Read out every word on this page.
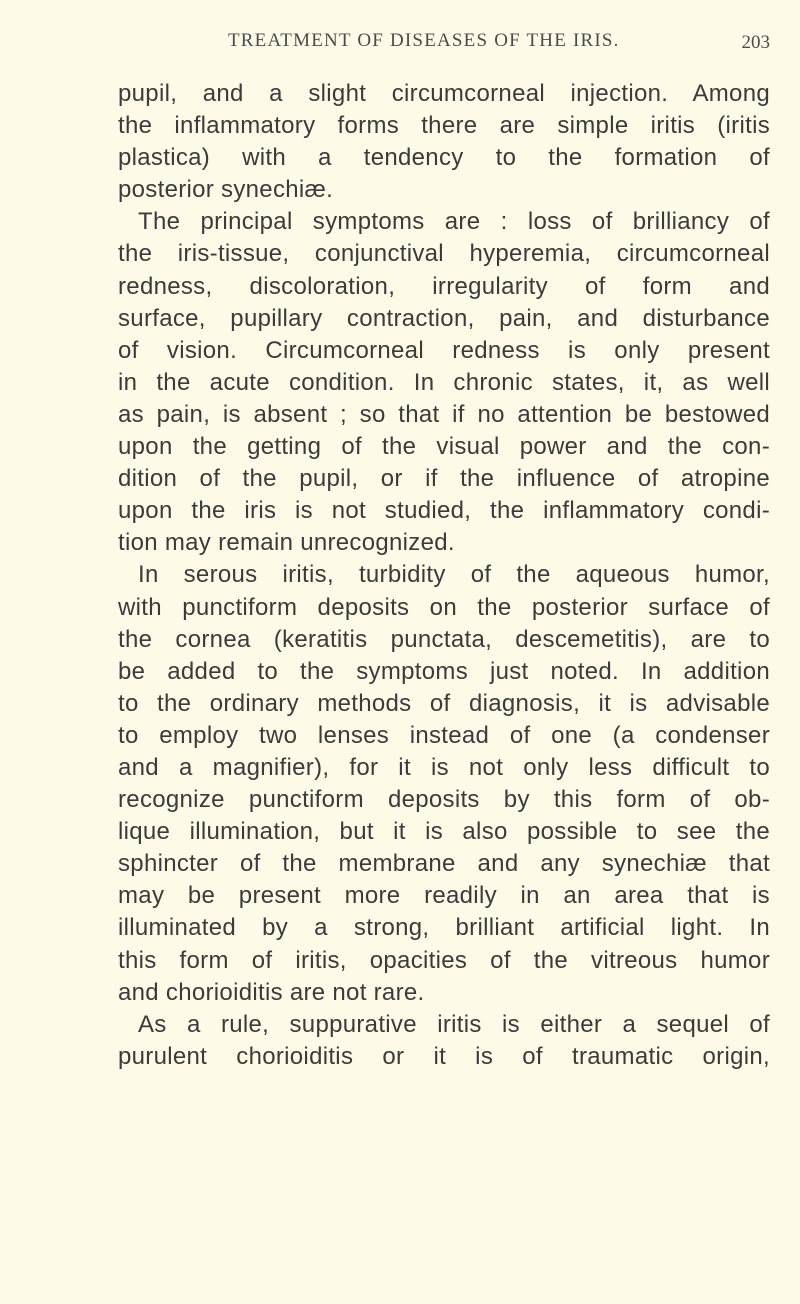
TREATMENT OF DISEASES OF THE IRIS.	203
pupil, and a slight circumcorneal injection. Among
the inflammatory forms there are simple iritis (iritis
plastica) with a tendency to the formation of
posterior synechiæ.
The principal symptoms are : loss of brilliancy of
the iris-tissue, conjunctival hyperemia, circumcorneal
redness, discoloration, irregularity of form and
surface, pupillary contraction, pain, and disturbance
of vision. Circumcorneal redness is only present
in the acute condition. In chronic states, it, as well
as pain, is absent ; so that if no attention be bestowed
upon the getting of the visual power and the con-
dition of the pupil, or if the influence of atropine
upon the iris is not studied, the inflammatory condi-
tion may remain unrecognized.
In serous iritis, turbidity of the aqueous humor,
with punctiform deposits on the posterior surface of
the cornea (keratitis punctata, descemetitis), are to
be added to the symptoms just noted. In addition
to the ordinary methods of diagnosis, it is advisable
to employ two lenses instead of one (a condenser
and a magnifier), for it is not only less difficult to
recognize punctiform deposits by this form of ob-
lique illumination, but it is also possible to see the
sphincter of the membrane and any synechiæ that
may be present more readily in an area that is
illuminated by a strong, brilliant artificial light. In
this form of iritis, opacities of the vitreous humor
and chorioiditis are not rare.
As a rule, suppurative iritis is either a sequel of
purulent chorioiditis or it is of traumatic origin,
